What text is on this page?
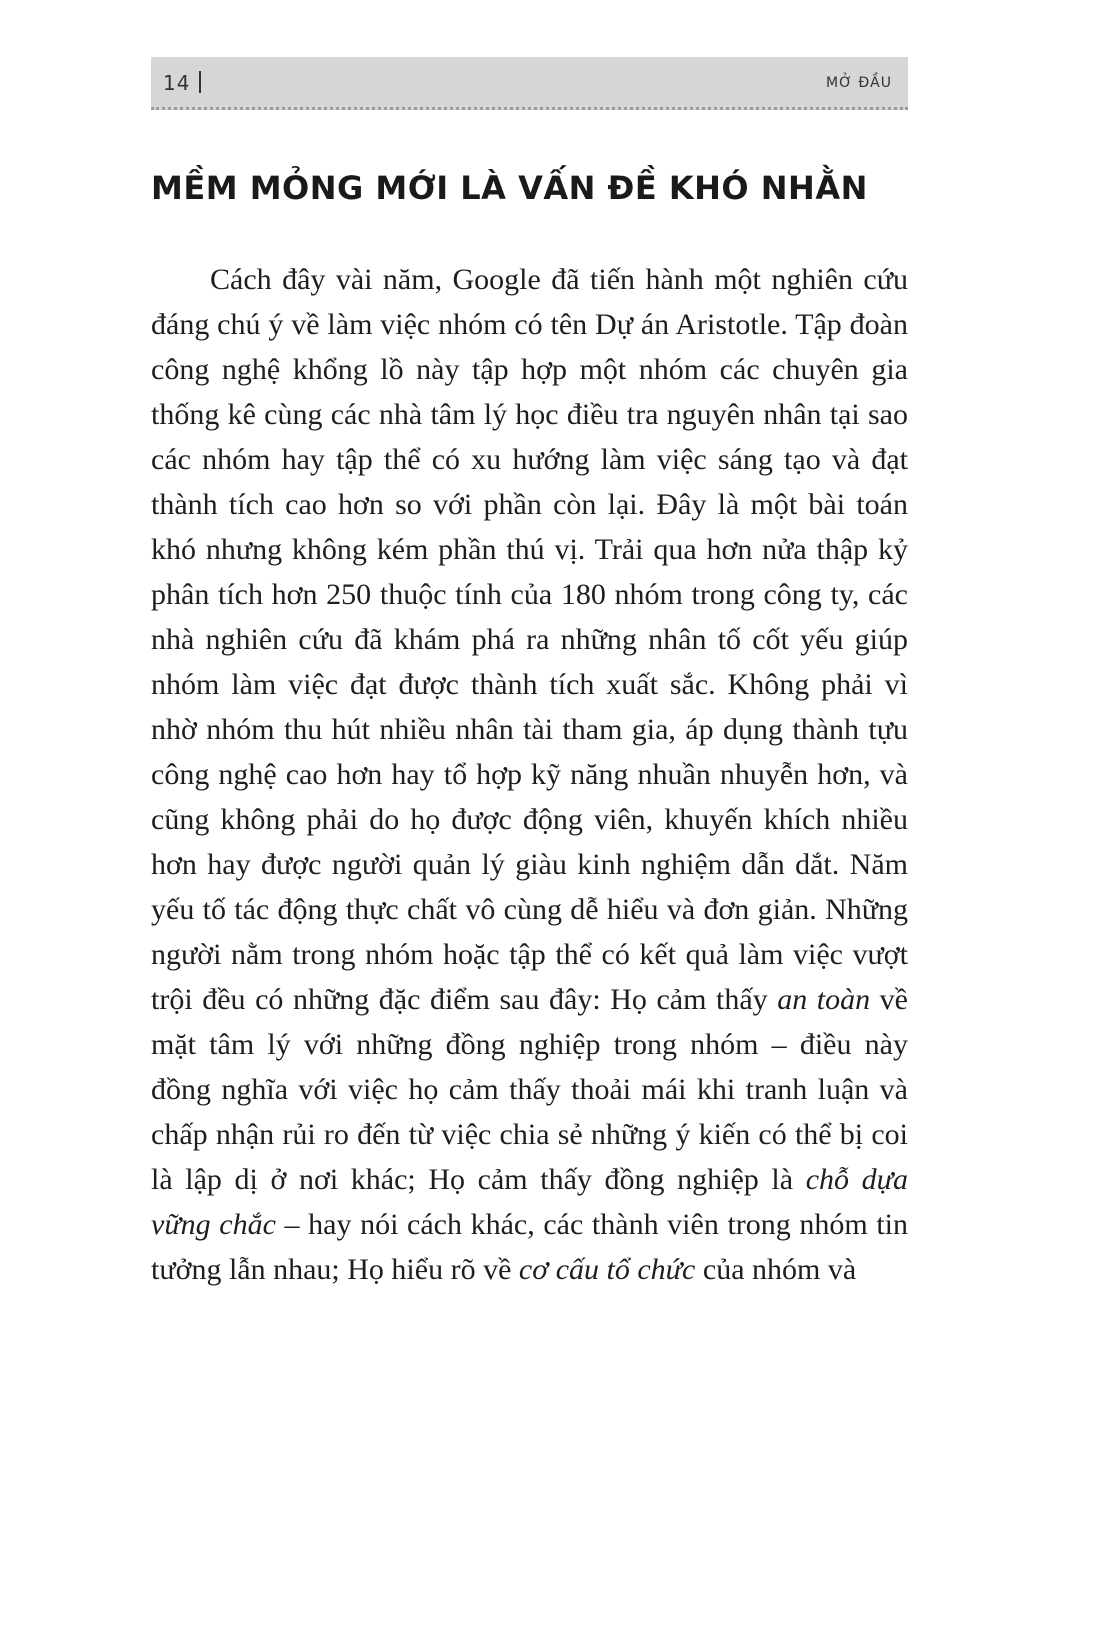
14	MỞ ĐẦU
MỀM MỎNG MỚI LÀ VẤN ĐỀ KHÓ NHẰN

Cách đây vài năm, Google đã tiến hành một nghiên cứu đáng chú ý về làm việc nhóm có tên Dự án Aristotle. Tập đoàn công nghệ khổng lồ này tập hợp một nhóm các chuyên gia thống kê cùng các nhà tâm lý học điều tra nguyên nhân tại sao các nhóm hay tập thể có xu hướng làm việc sáng tạo và đạt thành tích cao hơn so với phần còn lại. Đây là một bài toán khó nhưng không kém phần thú vị. Trải qua hơn nửa thập kỷ phân tích hơn 250 thuộc tính của 180 nhóm trong công ty, các nhà nghiên cứu đã khám phá ra những nhân tố cốt yếu giúp nhóm làm việc đạt được thành tích xuất sắc. Không phải vì nhờ nhóm thu hút nhiều nhân tài tham gia, áp dụng thành tựu công nghệ cao hơn hay tổ hợp kỹ năng nhuần nhuyễn hơn, và cũng không phải do họ được động viên, khuyến khích nhiều hơn hay được người quản lý giàu kinh nghiệm dẫn dắt. Năm yếu tố tác động thực chất vô cùng dễ hiểu và đơn giản. Những người nằm trong nhóm hoặc tập thể có kết quả làm việc vượt trội đều có những đặc điểm sau đây: Họ cảm thấy an toàn về mặt tâm lý với những đồng nghiệp trong nhóm – điều này đồng nghĩa với việc họ cảm thấy thoải mái khi tranh luận và chấp nhận rủi ro đến từ việc chia sẻ những ý kiến có thể bị coi là lập dị ở nơi khác; Họ cảm thấy đồng nghiệp là chỗ dựa vững chắc – hay nói cách khác, các thành viên trong nhóm tin tưởng lẫn nhau; Họ hiểu rõ về cơ cấu tổ chức của nhóm và
